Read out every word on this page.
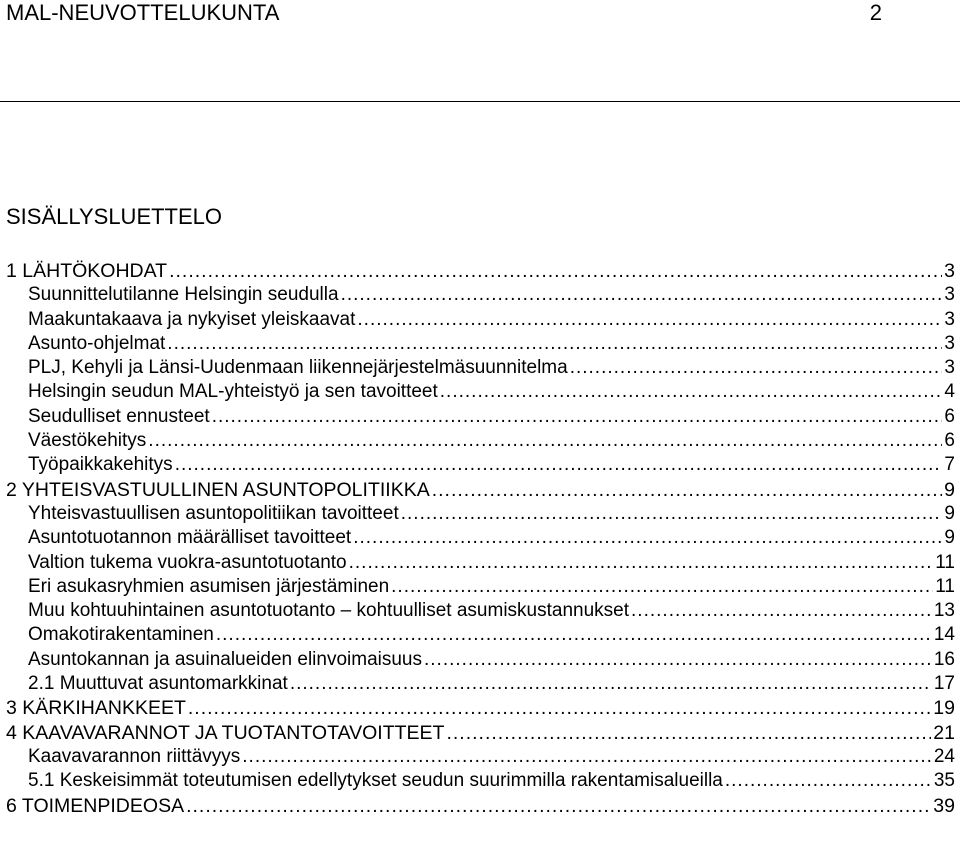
MAL-NEUVOTTELUKUNTA	2
SISÄLLYSLUETTELO
1 LÄHTÖKOHDAT .....	3
Suunnittelutilanne Helsingin seudulla .....	3
Maakuntakaava ja nykyiset yleiskaavat .....	3
Asunto-ohjelmat .....	3
PLJ, Kehyli ja Länsi-Uudenmaan liikennejärjestelmäsuunnitelma .....	3
Helsingin seudun MAL-yhteistyö ja sen tavoitteet .....	4
Seudulliset ennusteet .....	6
Väestökehitys .....	6
Työpaikkakehitys .....	7
2 YHTEISVASTUULLINEN ASUNTOPOLITIIKKA .....	9
Yhteisvastuullisen asuntopolitiikan tavoitteet .....	9
Asuntotuotannon määrälliset tavoitteet .....	9
Valtion tukema vuokra-asuntotuotanto .....	11
Eri asukasryhmien asumisen järjestäminen .....	11
Muu kohtuuhintainen asuntotuotanto – kohtuulliset asumiskustannukset .....	13
Omakotirakentaminen .....	14
Asuntokannan ja asuinalueiden elinvoimaisuus .....	16
2.1 Muuttuvat asuntomarkkinat .....	17
3 KÄRKIHANKKEET .....	19
4 KAAVAVARANNOT JA TUOTANTOTAVOITTEET .....	21
Kaavavarannon riittävyys .....	24
5.1 Keskeisimmät toteutumisen edellytykset seudun suurimmilla rakentamisalueilla .....	35
6 TOIMENPIDEOSA .....	39
